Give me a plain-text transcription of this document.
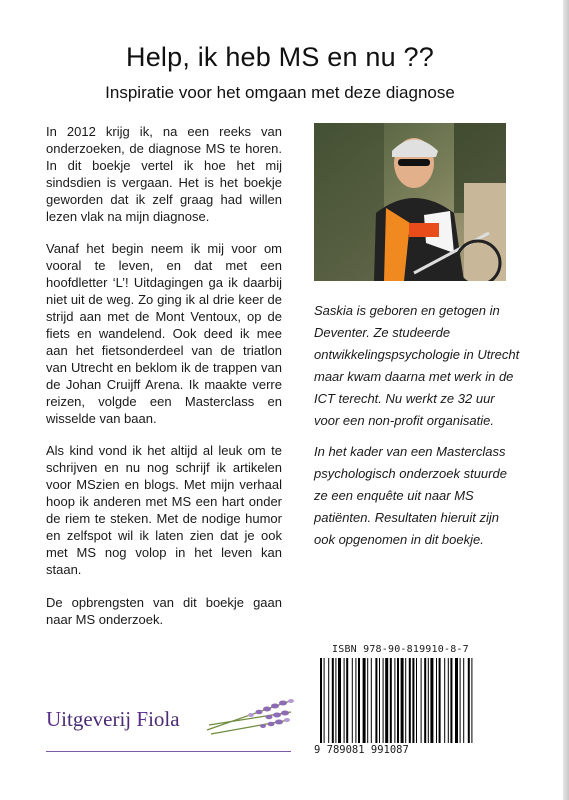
Help, ik heb MS en nu ??
Inspiratie voor het omgaan met deze diagnose

In 2012 krijg ik, na een reeks van onderzoeken, de diagnose MS te horen. In dit boekje vertel ik hoe het mij sindsdien is vergaan. Het is het boekje geworden dat ik zelf graag had willen lezen vlak na mijn diagnose.

Vanaf het begin neem ik mij voor om vooral te leven, en dat met een hoofdletter ‘L’! Uitdagingen ga ik daarbij niet uit de weg. Zo ging ik al drie keer de strijd aan met de Mont Ventoux, op de fiets en wandelend. Ook deed ik mee aan het fietsonderdeel van de triatlon van Utrecht en beklom ik de trappen van de Johan Cruijff Arena. Ik maakte verre reizen, volgde een Masterclass en wisselde van baan.

Als kind vond ik het altijd al leuk om te schrijven en nu nog schrijf ik artikelen voor MSzien en blogs. Met mijn verhaal hoop ik anderen met MS een hart onder de riem te steken. Met de nodige humor en zelfspot wil ik laten zien dat je ook met MS nog volop in het leven kan staan.

De opbrengsten van dit boekje gaan naar MS onderzoek.

Saskia is geboren en getogen in Deventer. Ze studeerde ontwikkelingspsychologie in Utrecht maar kwam daarna met werk in de ICT terecht. Nu werkt ze 32 uur voor een non-profit organisatie.

In het kader van een Masterclass psychologisch onderzoek stuurde ze een enquête uit naar MS patiënten. Resultaten hieruit zijn ook opgenomen in dit boekje.

ISBN 978-90-819910-8-7
9 789081 991087
Uitgeverij Fiola
